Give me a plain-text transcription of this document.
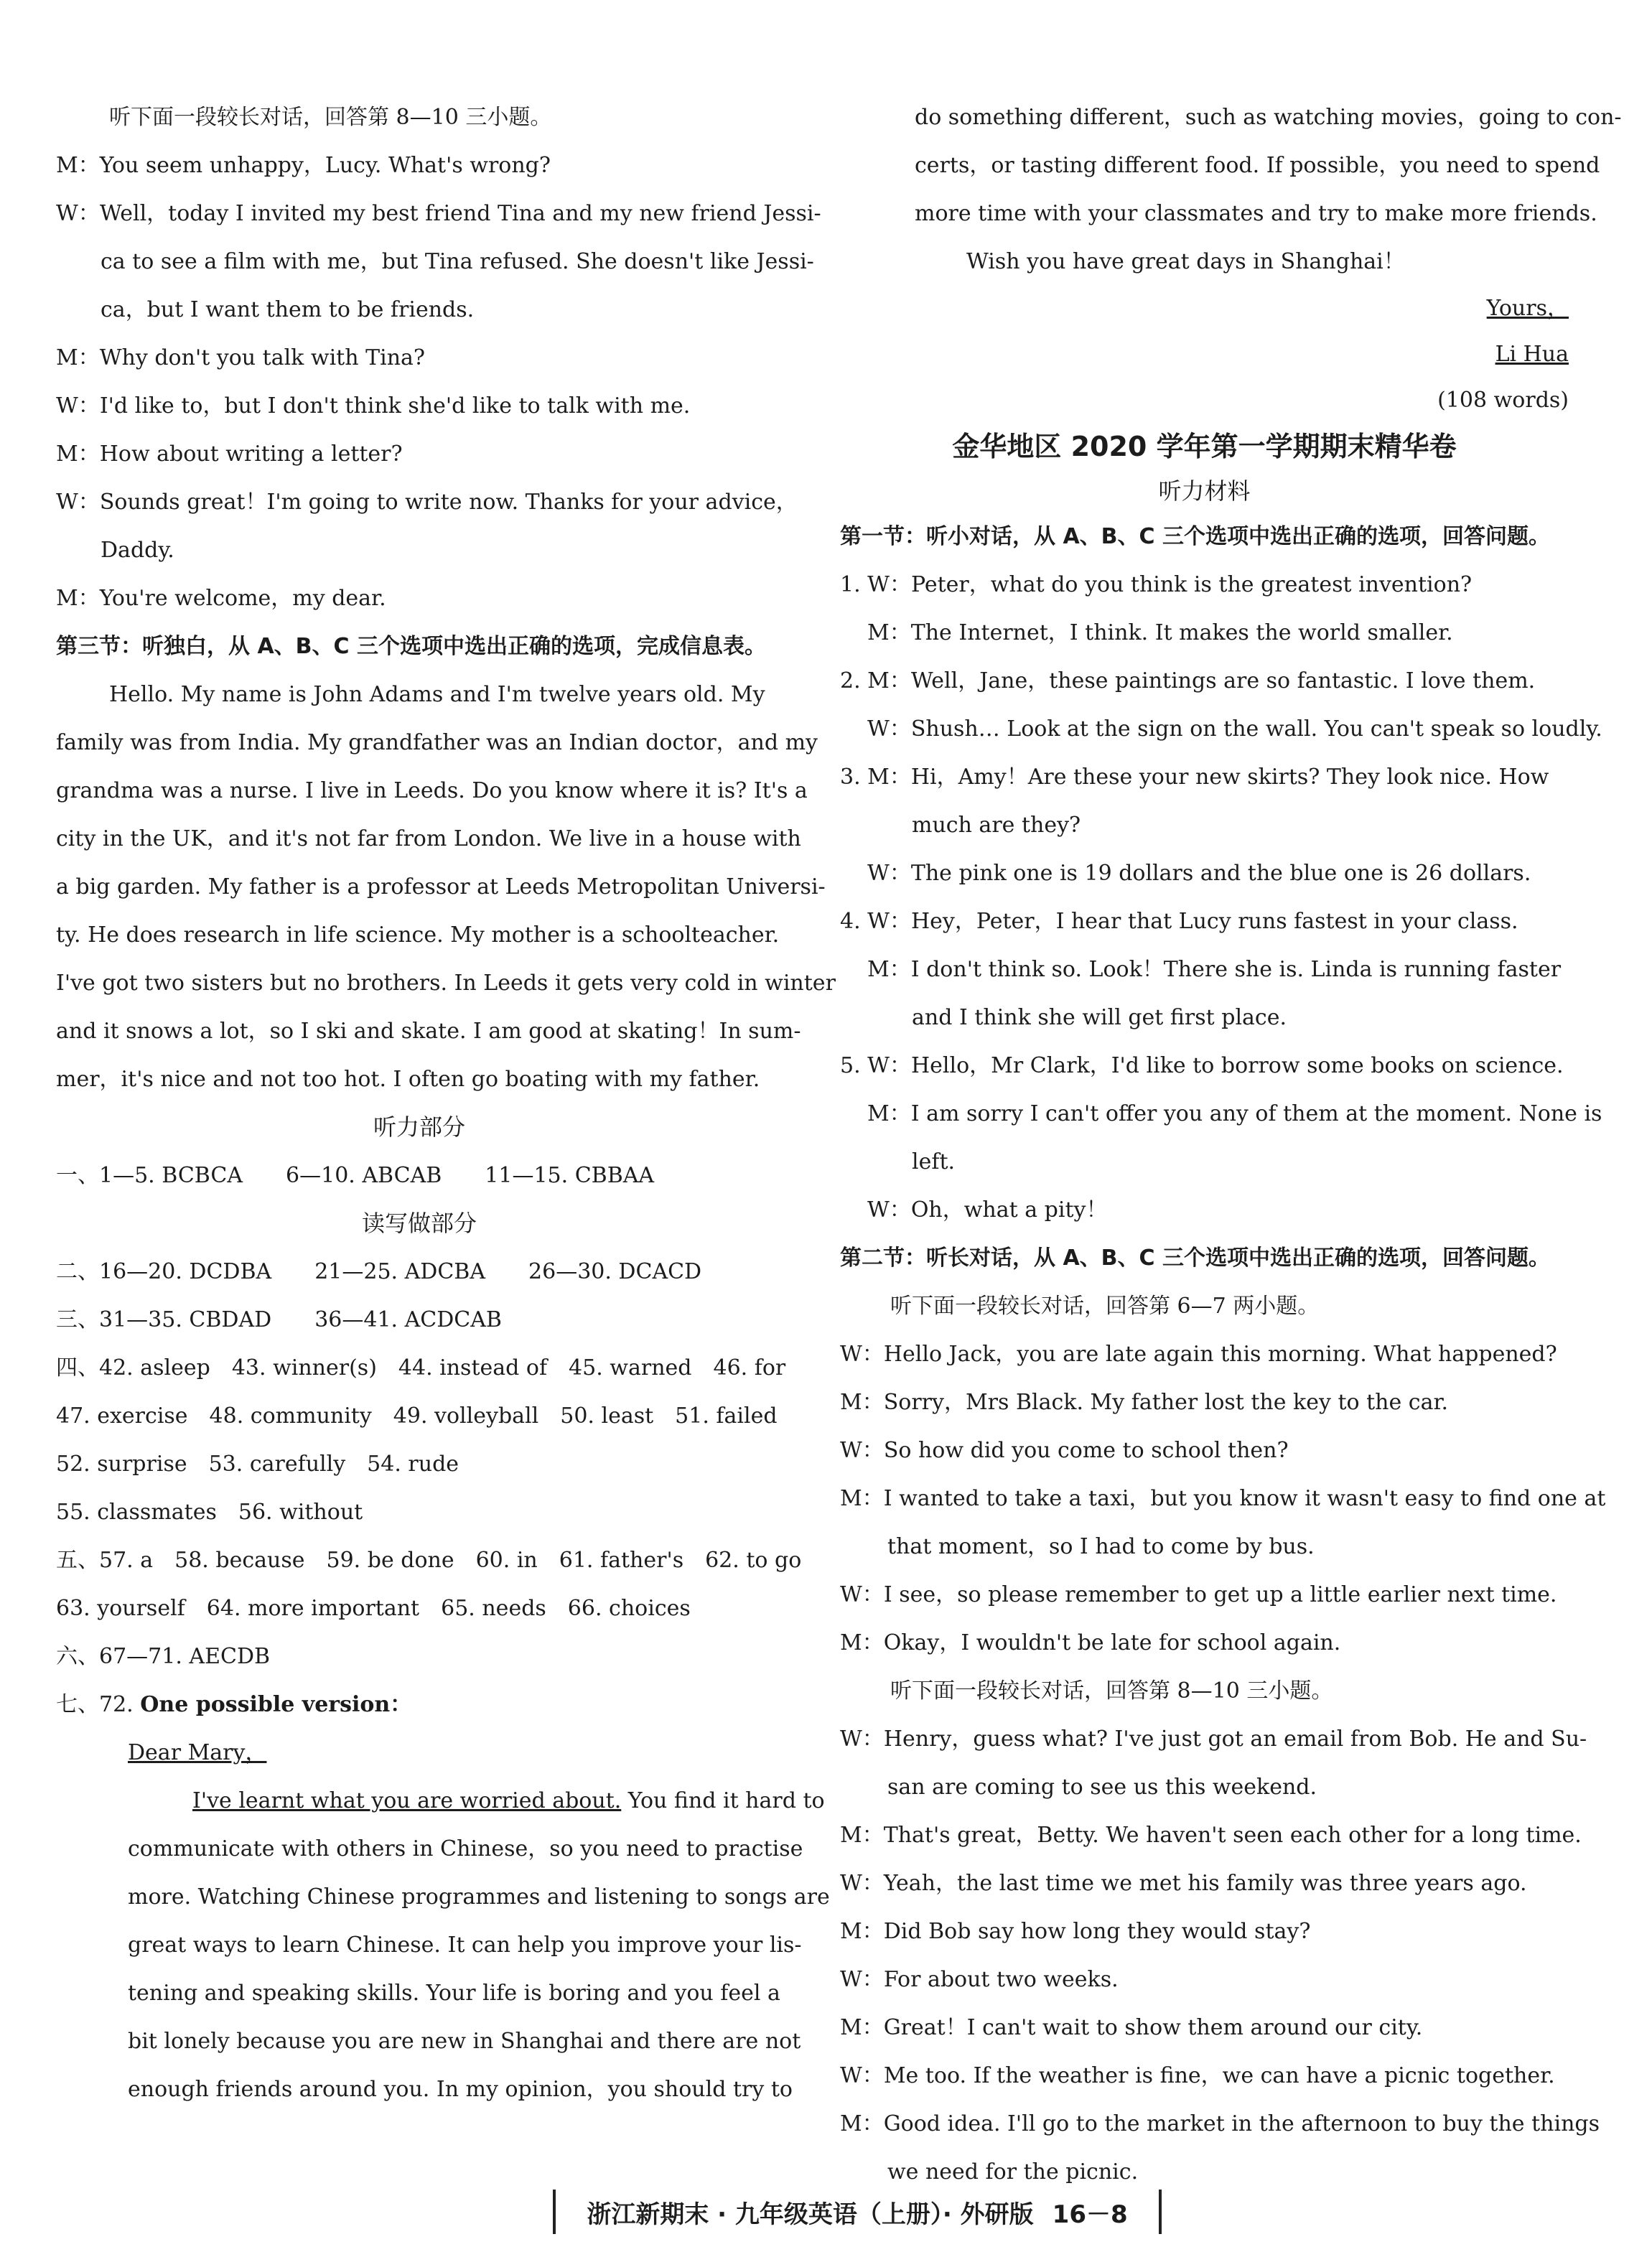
听下面一段较长对话，回答第 8—10 三小题。
M：You seem unhappy，Lucy. What's wrong?
W：Well，today I invited my best friend Tina and my new friend Jessi-
ca to see a film with me，but Tina refused. She doesn't like Jessi-
ca，but I want them to be friends.
M：Why don't you talk with Tina?
W：I'd like to，but I don't think she'd like to talk with me.
M：How about writing a letter?
W：Sounds great！I'm going to write now. Thanks for your advice，
Daddy.
M：You're welcome，my dear.
第三节：听独白，从 A、B、C 三个选项中选出正确的选项，完成信息表。
Hello. My name is John Adams and I'm twelve years old. My
family was from India. My grandfather was an Indian doctor，and my
grandma was a nurse. I live in Leeds. Do you know where it is? It's a
city in the UK，and it's not far from London. We live in a house with
a big garden. My father is a professor at Leeds Metropolitan Universi-
ty. He does research in life science. My mother is a schoolteacher.
I've got two sisters but no brothers. In Leeds it gets very cold in winter
and it snows a lot，so I ski and skate. I am good at skating！In sum-
mer，it's nice and not too hot. I often go boating with my father.
听力部分
一、1—5. BCBCA 6—10. ABCAB 11—15. CBBAA
读写做部分
二、16—20. DCDBA 21—25. ADCBA 26—30. DCACD
三、31—35. CBDAD 36—41. ACDCAB
四、42. asleep　43. winner(s)　44. instead of　45. warned　46. for
47. exercise　48. community　49. volleyball　50. least　51. failed
52. surprise　53. carefully　54. rude
55. classmates　56. without
五、57. a　58. because　59. be done　60. in　61. father's　62. to go
63. yourself　64. more important　65. needs　66. choices
六、67—71. AECDB
七、72. One possible version：
Dear Mary，
I've learnt what you are worried about. You find it hard to
communicate with others in Chinese，so you need to practise
more. Watching Chinese programmes and listening to songs are
great ways to learn Chinese. It can help you improve your lis-
tening and speaking skills. Your life is boring and you feel a
bit lonely because you are new in Shanghai and there are not
enough friends around you. In my opinion，you should try to
do something different，such as watching movies，going to con-
certs，or tasting different food. If possible，you need to spend
more time with your classmates and try to make more friends.
Wish you have great days in Shanghai！
Yours，
Li Hua
(108 words)
金华地区 2020 学年第一学期期末精华卷
听力材料
第一节：听小对话，从 A、B、C 三个选项中选出正确的选项，回答问题。
1. W：Peter，what do you think is the greatest invention?
M：The Internet，I think. It makes the world smaller.
2. M：Well，Jane，these paintings are so fantastic. I love them.
W：Shush… Look at the sign on the wall. You can't speak so loudly.
3. M：Hi，Amy！Are these your new skirts? They look nice. How
much are they?
W：The pink one is 19 dollars and the blue one is 26 dollars.
4. W：Hey，Peter，I hear that Lucy runs fastest in your class.
M：I don't think so. Look！There she is. Linda is running faster
and I think she will get first place.
5. W：Hello，Mr Clark，I'd like to borrow some books on science.
M：I am sorry I can't offer you any of them at the moment. None is
left.
W：Oh，what a pity！
第二节：听长对话，从 A、B、C 三个选项中选出正确的选项，回答问题。
听下面一段较长对话，回答第 6—7 两小题。
W：Hello Jack，you are late again this morning. What happened?
M：Sorry，Mrs Black. My father lost the key to the car.
W：So how did you come to school then?
M：I wanted to take a taxi，but you know it wasn't easy to find one at
that moment，so I had to come by bus.
W：I see，so please remember to get up a little earlier next time.
M：Okay，I wouldn't be late for school again.
听下面一段较长对话，回答第 8—10 三小题。
W：Henry，guess what? I've just got an email from Bob. He and Su-
san are coming to see us this weekend.
M：That's great，Betty. We haven't seen each other for a long time.
W：Yeah，the last time we met his family was three years ago.
M：Did Bob say how long they would stay?
W：For about two weeks.
M：Great！I can't wait to show them around our city.
W：Me too. If the weather is fine，we can have a picnic together.
M：Good idea. I'll go to the market in the afternoon to buy the things
we need for the picnic.
浙江新期末 · 九年级英语（上册）· 外研版 16－8
